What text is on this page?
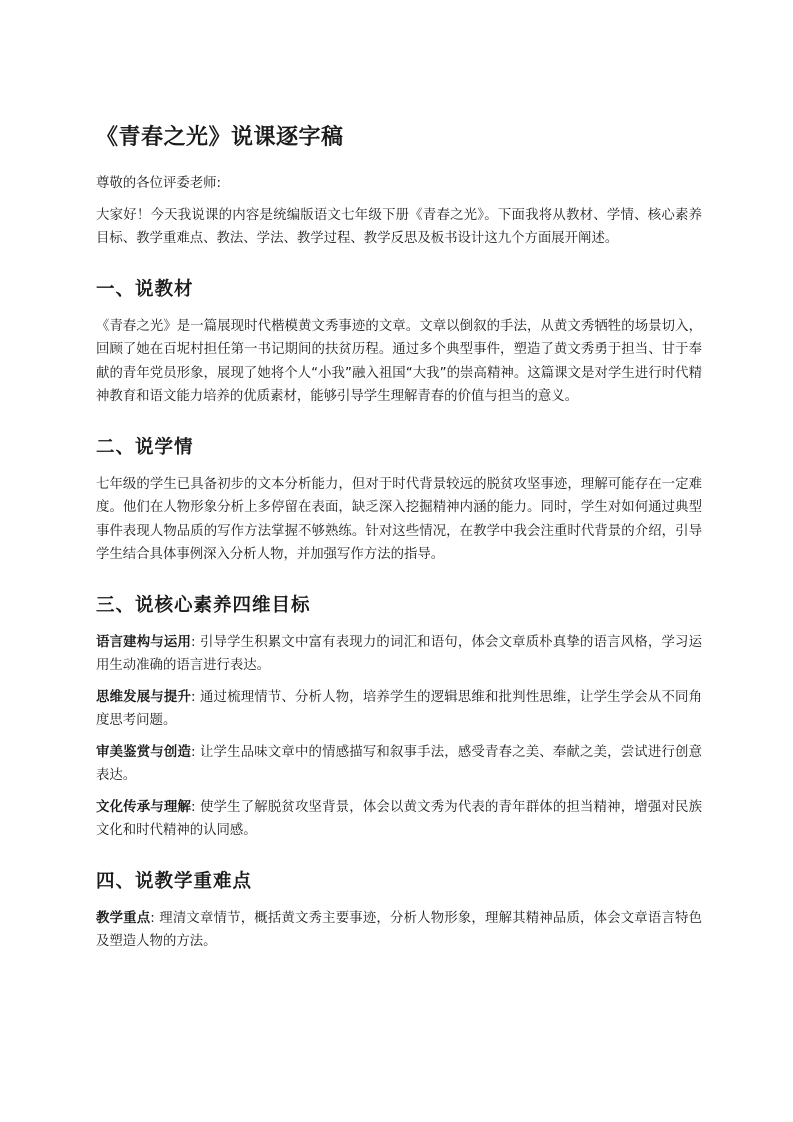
《青春之光》说课逐字稿

尊敬的各位评委老师:

大家好！今天我说课的内容是统编版语文七年级下册《青春之光》。下面我将从教材、学情、核心素养目标、教学重难点、教法、学法、教学过程、教学反思及板书设计这九个方面展开阐述。

一、说教材

《青春之光》是一篇展现时代楷模黄文秀事迹的文章。文章以倒叙的手法，从黄文秀牺牲的场景切入，回顾了她在百坭村担任第一书记期间的扶贫历程。通过多个典型事件，塑造了黄文秀勇于担当、甘于奉献的青年党员形象，展现了她将个人“小我”融入祖国“大我”的崇高精神。这篇课文是对学生进行时代精神教育和语文能力培养的优质素材，能够引导学生理解青春的价值与担当的意义。

二、说学情

七年级的学生已具备初步的文本分析能力，但对于时代背景较远的脱贫攻坚事迹，理解可能存在一定难度。他们在人物形象分析上多停留在表面，缺乏深入挖掘精神内涵的能力。同时，学生对如何通过典型事件表现人物品质的写作方法掌握不够熟练。针对这些情况，在教学中我会注重时代背景的介绍，引导学生结合具体事例深入分析人物，并加强写作方法的指导。

三、说核心素养四维目标

语言建构与运用: 引导学生积累文中富有表现力的词汇和语句，体会文章质朴真挚的语言风格，学习运用生动准确的语言进行表达。

思维发展与提升: 通过梳理情节、分析人物，培养学生的逻辑思维和批判性思维，让学生学会从不同角度思考问题。

审美鉴赏与创造: 让学生品味文章中的情感描写和叙事手法，感受青春之美、奉献之美，尝试进行创意表达。

文化传承与理解: 使学生了解脱贫攻坚背景，体会以黄文秀为代表的青年群体的担当精神，增强对民族文化和时代精神的认同感。

四、说教学重难点

教学重点: 理清文章情节，概括黄文秀主要事迹，分析人物形象，理解其精神品质，体会文章语言特色及塑造人物的方法。
